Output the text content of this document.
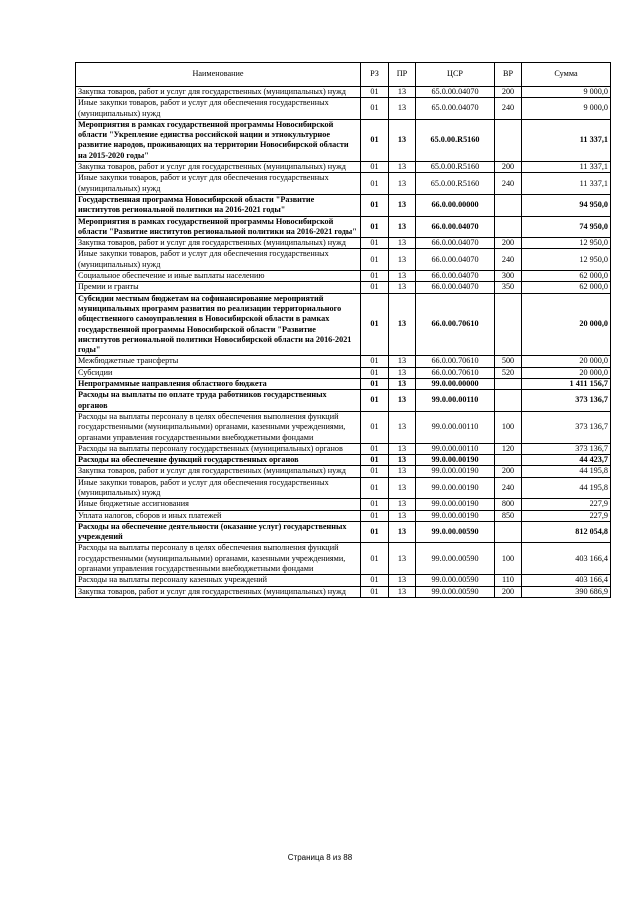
Наименование	РЗ	ПР	ЦСР	ВР	Сумма
Закупка товаров, работ и услуг для государственных (муниципальных) нужд	01	13	65.0.00.04070	200	9 000,0
Иные закупки товаров, работ и услуг для обеспечения государственных (муниципальных) нужд	01	13	65.0.00.04070	240	9 000,0
Мероприятия в рамках государственной программы Новосибирской области "Укрепление единства российской нации и этнокультурное развитие народов, проживающих на территории Новосибирской области на 2015-2020 годы"	01	13	65.0.00.R5160		11 337,1
Закупка товаров, работ и услуг для государственных (муниципальных) нужд	01	13	65.0.00.R5160	200	11 337,1
Иные закупки товаров, работ и услуг для обеспечения государственных (муниципальных) нужд	01	13	65.0.00.R5160	240	11 337,1
Государственная программа Новосибирской области "Развитие институтов региональной политики на 2016-2021 годы"	01	13	66.0.00.00000		94 950,0
Мероприятия в рамках государственной программы Новосибирской области "Развитие институтов региональной политики на 2016-2021 годы"	01	13	66.0.00.04070		74 950,0
Закупка товаров, работ и услуг для государственных (муниципальных) нужд	01	13	66.0.00.04070	200	12 950,0
Иные закупки товаров, работ и услуг для обеспечения государственных (муниципальных) нужд	01	13	66.0.00.04070	240	12 950,0
Социальное обеспечение и иные выплаты населению	01	13	66.0.00.04070	300	62 000,0
Премии и гранты	01	13	66.0.00.04070	350	62 000,0
Субсидии местным бюджетам на софинансирование мероприятий муниципальных программ развития по реализации территориального общественного самоуправления в Новосибирской области в рамках государственной программы Новосибирской области "Развитие институтов региональной политики Новосибирской области на 2016-2021 годы"	01	13	66.0.00.70610		20 000,0
Межбюджетные трансферты	01	13	66.0.00.70610	500	20 000,0
Субсидии	01	13	66.0.00.70610	520	20 000,0
Непрограммные направления областного бюджета	01	13	99.0.00.00000		1 411 156,7
Расходы на выплаты по оплате труда работников государственных органов	01	13	99.0.00.00110		373 136,7
Расходы на выплаты персоналу в целях обеспечения выполнения функций государственными (муниципальными) органами, казенными учреждениями, органами управления государственными внебюджетными фондами	01	13	99.0.00.00110	100	373 136,7
Расходы на выплаты персоналу государственных (муниципальных) органов	01	13	99.0.00.00110	120	373 136,7
Расходы на обеспечение функций государственных органов	01	13	99.0.00.00190		44 423,7
Закупка товаров, работ и услуг для государственных (муниципальных) нужд	01	13	99.0.00.00190	200	44 195,8
Иные закупки товаров, работ и услуг для обеспечения государственных (муниципальных) нужд	01	13	99.0.00.00190	240	44 195,8
Иные бюджетные ассигнования	01	13	99.0.00.00190	800	227,9
Уплата налогов, сборов и иных платежей	01	13	99.0.00.00190	850	227,9
Расходы на обеспечение деятельности (оказание услуг) государственных учреждений	01	13	99.0.00.00590		812 054,8
Расходы на выплаты персоналу в целях обеспечения выполнения функций государственными (муниципальными) органами, казенными учреждениями, органами управления государственными внебюджетными фондами	01	13	99.0.00.00590	100	403 166,4
Расходы на выплаты персоналу казенных учреждений	01	13	99.0.00.00590	110	403 166,4
Закупка товаров, работ и услуг для государственных (муниципальных) нужд	01	13	99.0.00.00590	200	390 686,9
Страница 8 из 88
